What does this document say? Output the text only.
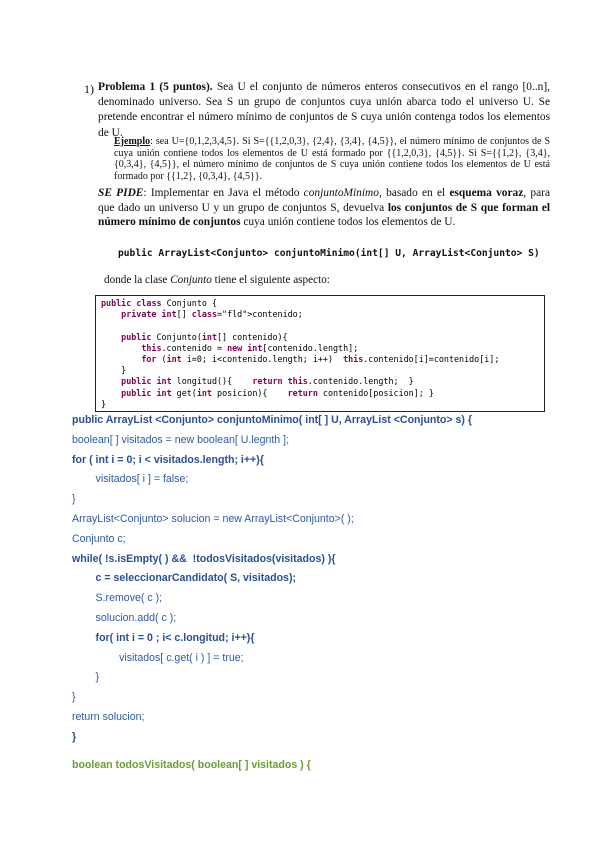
1) Problema 1 (5 puntos). Sea U el conjunto de números enteros consecutivos en el rango [0..n], denominado universo. Sea S un grupo de conjuntos cuya unión abarca todo el universo U. Se pretende encontrar el número mínimo de conjuntos de S cuya unión contenga todos los elementos de U.
Ejemplo: sea U={0,1,2,3,4,5}. Si S={{1,2,0,3}, {2,4}, {3,4}, {4,5}}, el número mínimo de conjuntos de S cuya unión contiene todos los elementos de U está formado por {{1,2,0,3}, {4,5}}. Si S={{1,2}, {3,4}, {0,3,4}, {4,5}}, el número mínimo de conjuntos de S cuya unión contiene todos los elementos de U está formado por {{1,2}, {0,3,4}, {4,5}}.
SE PIDE: Implementar en Java el método conjuntoMinimo, basado en el esquema voraz, para que dado un universo U y un grupo de conjuntos S, devuelva los conjuntos de S que forman el número mínimo de conjuntos cuya unión contiene todos los elementos de U.
public ArrayList<Conjunto> conjuntoMinimo(int[] U, ArrayList<Conjunto> S)
donde la clase Conjunto tiene el siguiente aspecto:
public class Conjunto {
private int[] class="fld">contenido;
public Conjunto(int[] contenido){
this.contenido = new int[contenido.length];
for (int i=0; i<contenido.length; i++)  this.contenido[i]=contenido[i];
}
public int longitud(){    return this.contenido.length;  }
public int get(int posicion){    return contenido[posicion]; }
}
public ArrayList <Conjunto> conjuntoMinimo( int[ ] U, ArrayList <Conjunto> s) {
boolean[ ] visitados = new boolean[ U.legnth ];
for ( int i = 0; i < visitados.length; i++){
visitados[ i ] = false;
}
ArrayList<Conjunto> solucion = new ArrayList<Conjunto>( );
Conjunto c;
while( !s.isEmpty( ) &&  !todosVisitados(visitados) ){
c = seleccionarCandidato( S, visitados);
S.remove( c );
solucion.add( c );
for( int i = 0 ; i< c.longitud; i++){
visitados[ c.get( i ) ] = true;
}
}
return solucion;
}
boolean todosVisitados( boolean[ ] visitados ) {
